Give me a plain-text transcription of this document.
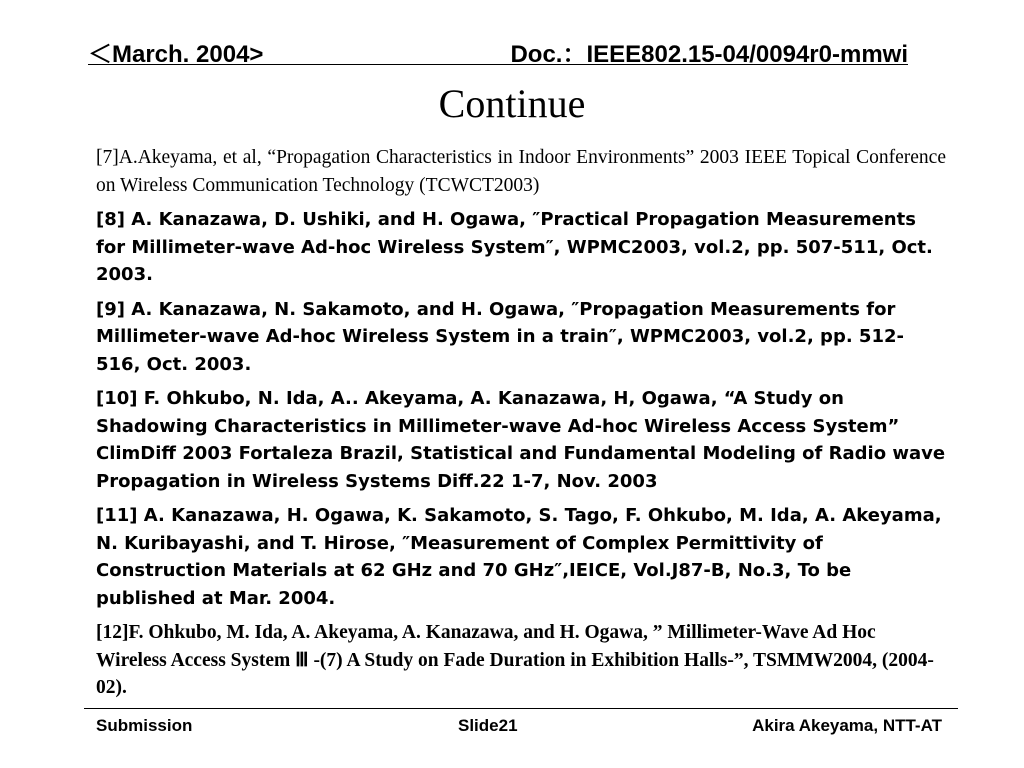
＜March. 2004>	Doc.：IEEE802.15-04/0094r0-mmwi
Continue

[7]A.Akeyama, et al, “Propagation Characteristics in Indoor Environments” 2003 IEEE Topical Conference on Wireless Communication Technology (TCWCT2003)

[8] A. Kanazawa, D. Ushiki, and H. Ogawa, ″Practical Propagation Measurements for Millimeter-wave Ad-hoc Wireless System″, WPMC2003, vol.2, pp. 507-511, Oct. 2003.

[9] A. Kanazawa, N. Sakamoto, and H. Ogawa, ″Propagation Measurements for Millimeter-wave Ad-hoc Wireless System in a train″, WPMC2003, vol.2, pp. 512-516, Oct. 2003.

[10] F. Ohkubo, N. Ida, A.. Akeyama, A. Kanazawa, H, Ogawa, “A Study on Shadowing Characteristics in Millimeter-wave Ad-hoc Wireless Access System” ClimDiff 2003 Fortaleza Brazil, Statistical and Fundamental Modeling of Radio wave Propagation in Wireless Systems Diff.22 1-7, Nov. 2003

[11] A. Kanazawa, H. Ogawa, K. Sakamoto, S. Tago, F. Ohkubo, M. Ida, A. Akeyama, N. Kuribayashi, and T. Hirose, ″Measurement of Complex Permittivity of Construction Materials at 62 GHz and 70 GHz″,IEICE, Vol.J87-B, No.3, To be published at Mar. 2004.

[12]F. Ohkubo, M. Ida, A. Akeyama, A. Kanazawa, and H. Ogawa, ” Millimeter-Wave Ad Hoc Wireless Access System Ⅲ -(7) A Study on Fade Duration in Exhibition Halls-”, TSMMW2004, (2004-02).

Submission	Slide21	Akira Akeyama, NTT-AT
